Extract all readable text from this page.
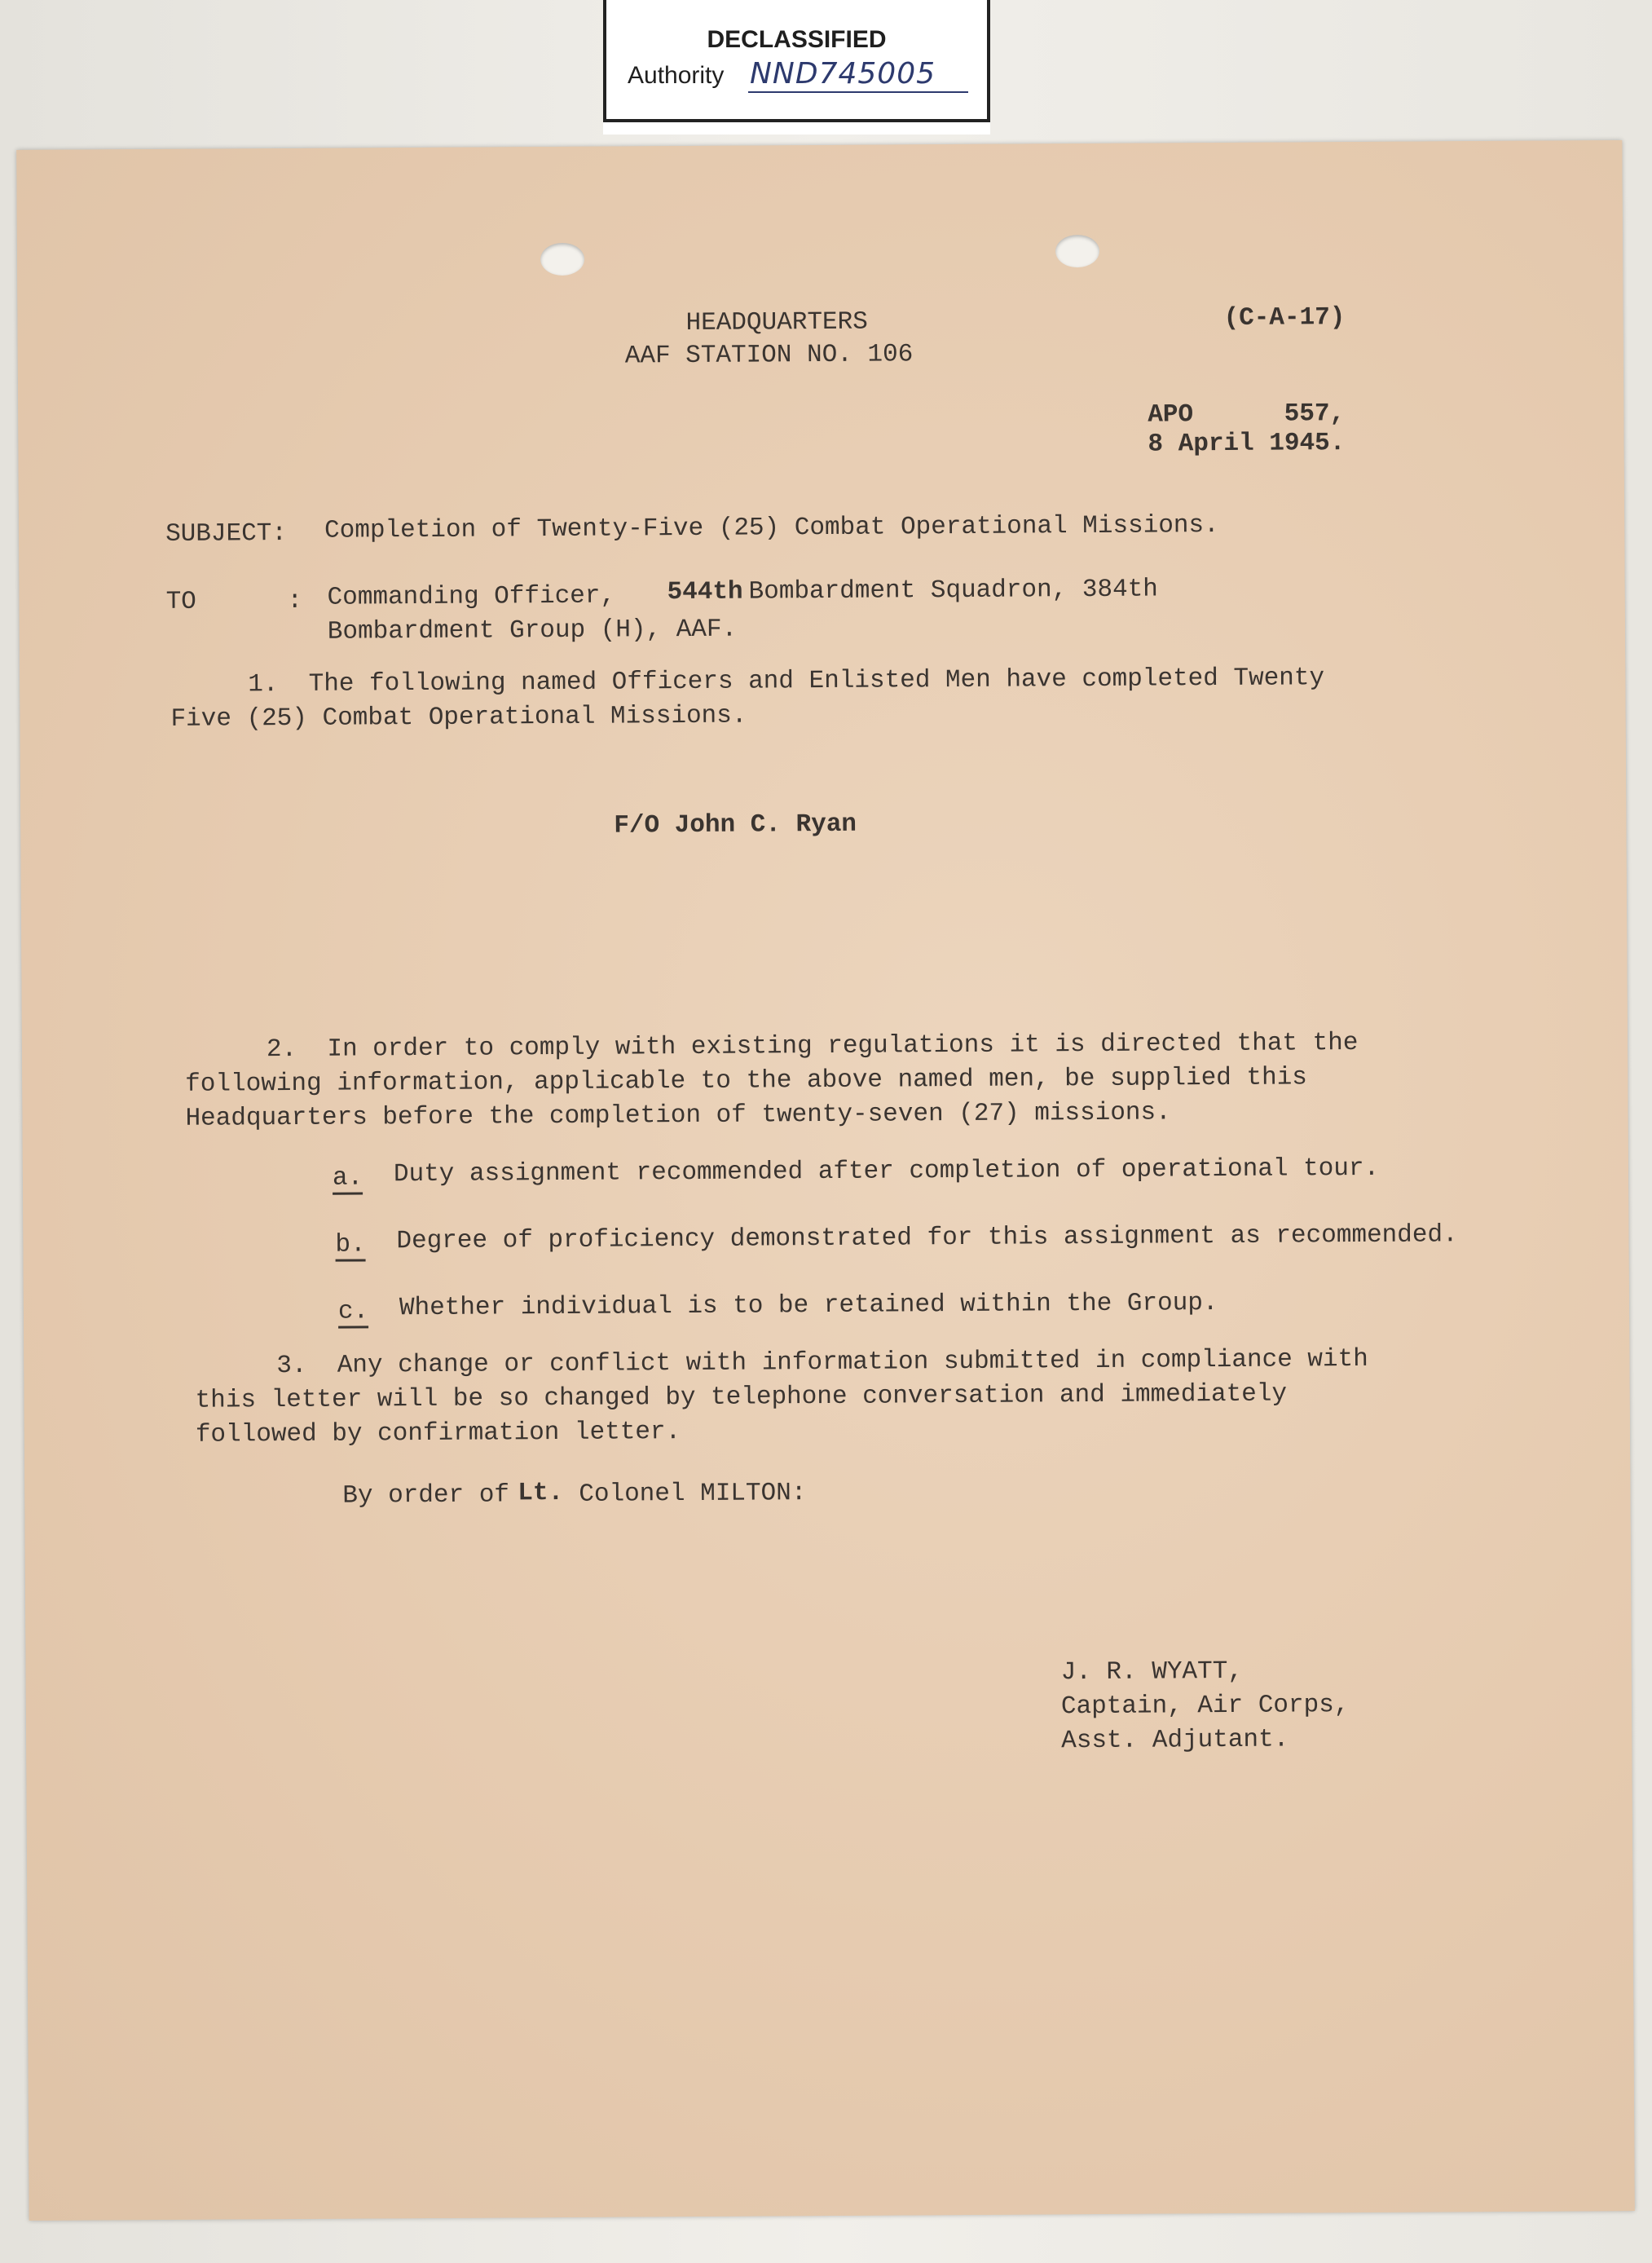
DECLASSIFIED
Authority NND745005
HEADQUARTERS
AAF STATION NO. 106
(C-A-17)
APO      557,
8 April 1945.
SUBJECT: Completion of Twenty-Five (25) Combat Operational Missions.
TO      : Commanding Officer, 544th Bombardment Squadron, 384th
Bombardment Group (H), AAF.
1.  The following named Officers and Enlisted Men have completed Twenty
Five (25) Combat Operational Missions.
F/O John C. Ryan
2.  In order to comply with existing regulations it is directed that the
following information, applicable to the above named men, be supplied this
Headquarters before the completion of twenty-seven (27) missions.
a. Duty assignment recommended after completion of operational tour.
b. Degree of proficiency demonstrated for this assignment as recommended.
c. Whether individual is to be retained within the Group.
3.  Any change or conflict with information submitted in compliance with
this letter will be so changed by telephone conversation and immediately
followed by confirmation letter.
By order of Lt. Colonel MILTON:
J. R. WYATT,
Captain, Air Corps,
Asst. Adjutant.
